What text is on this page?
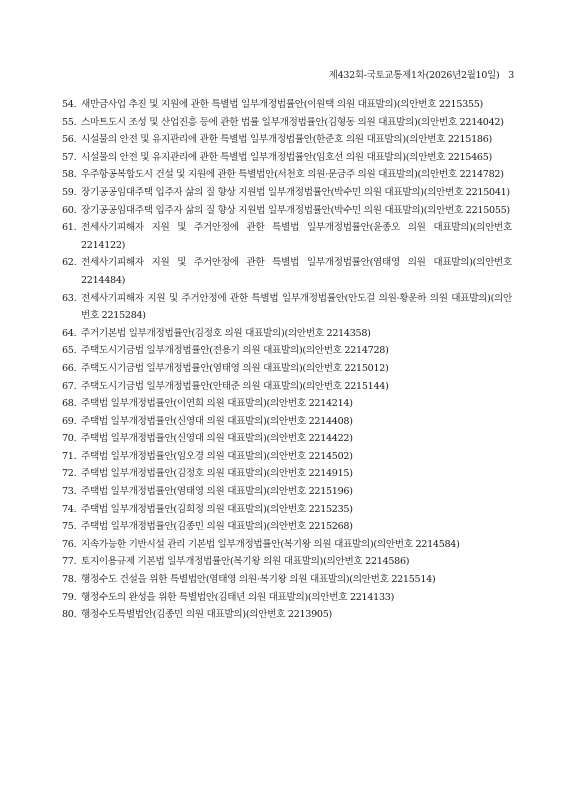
제432회-국토교통제1차(2026년2월10일) 3
54. 새만금사업 추진 및 지원에 관한 특별법 일부개정법률안(이원택 의원 대표발의)(의안번호 2215355)
55. 스마트도시 조성 및 산업진흥 등에 관한 법률 일부개정법률안(김형동 의원 대표발의)(의안번호 2214042)
56. 시설물의 안전 및 유지관리에 관한 특별법 일부개정법률안(한준호 의원 대표발의)(의안번호 2215186)
57. 시설물의 안전 및 유지관리에 관한 특별법 일부개정법률안(임호선 의원 대표발의)(의안번호 2215465)
58. 우주항공복합도시 건설 및 지원에 관한 특별법안(서천호 의원·문금주 의원 대표발의)(의안번호 2214782)
59. 장기공공임대주택 입주자 삶의 질 향상 지원법 일부개정법률안(박수민 의원 대표발의)(의안번호 2215041)
60. 장기공공임대주택 입주자 삶의 질 향상 지원법 일부개정법률안(박수민 의원 대표발의)(의안번호 2215055)
61. 전세사기피해자 지원 및 주거안정에 관한 특별법 일부개정법률안(윤종오 의원 대표발의)(의안번호 2214122)
62. 전세사기피해자 지원 및 주거안정에 관한 특별법 일부개정법률안(염태영 의원 대표발의)(의안번호 2214484)
63. 전세사기피해자 지원 및 주거안정에 관한 특별법 일부개정법률안(안도걸 의원·황운하 의원 대표발의)(의안번호 2215284)
64. 주거기본법 일부개정법률안(김정호 의원 대표발의)(의안번호 2214358)
65. 주택도시기금법 일부개정법률안(전용기 의원 대표발의)(의안번호 2214728)
66. 주택도시기금법 일부개정법률안(염태영 의원 대표발의)(의안번호 2215012)
67. 주택도시기금법 일부개정법률안(안태준 의원 대표발의)(의안번호 2215144)
68. 주택법 일부개정법률안(이연희 의원 대표발의)(의안번호 2214214)
69. 주택법 일부개정법률안(신영대 의원 대표발의)(의안번호 2214408)
70. 주택법 일부개정법률안(신영대 의원 대표발의)(의안번호 2214422)
71. 주택법 일부개정법률안(임오경 의원 대표발의)(의안번호 2214502)
72. 주택법 일부개정법률안(김정호 의원 대표발의)(의안번호 2214915)
73. 주택법 일부개정법률안(염태영 의원 대표발의)(의안번호 2215196)
74. 주택법 일부개정법률안(김희정 의원 대표발의)(의안번호 2215235)
75. 주택법 일부개정법률안(김종민 의원 대표발의)(의안번호 2215268)
76. 지속가능한 기반시설 관리 기본법 일부개정법률안(복기왕 의원 대표발의)(의안번호 2214584)
77. 토지이용규제 기본법 일부개정법률안(복기왕 의원 대표발의)(의안번호 2214586)
78. 행정수도 건설을 위한 특별법안(염태영 의원·복기왕 의원 대표발의)(의안번호 2215514)
79. 행정수도의 완성을 위한 특별법안(김태년 의원 대표발의)(의안번호 2214133)
80. 행정수도특별법안(김종민 의원 대표발의)(의안번호 2213905)
